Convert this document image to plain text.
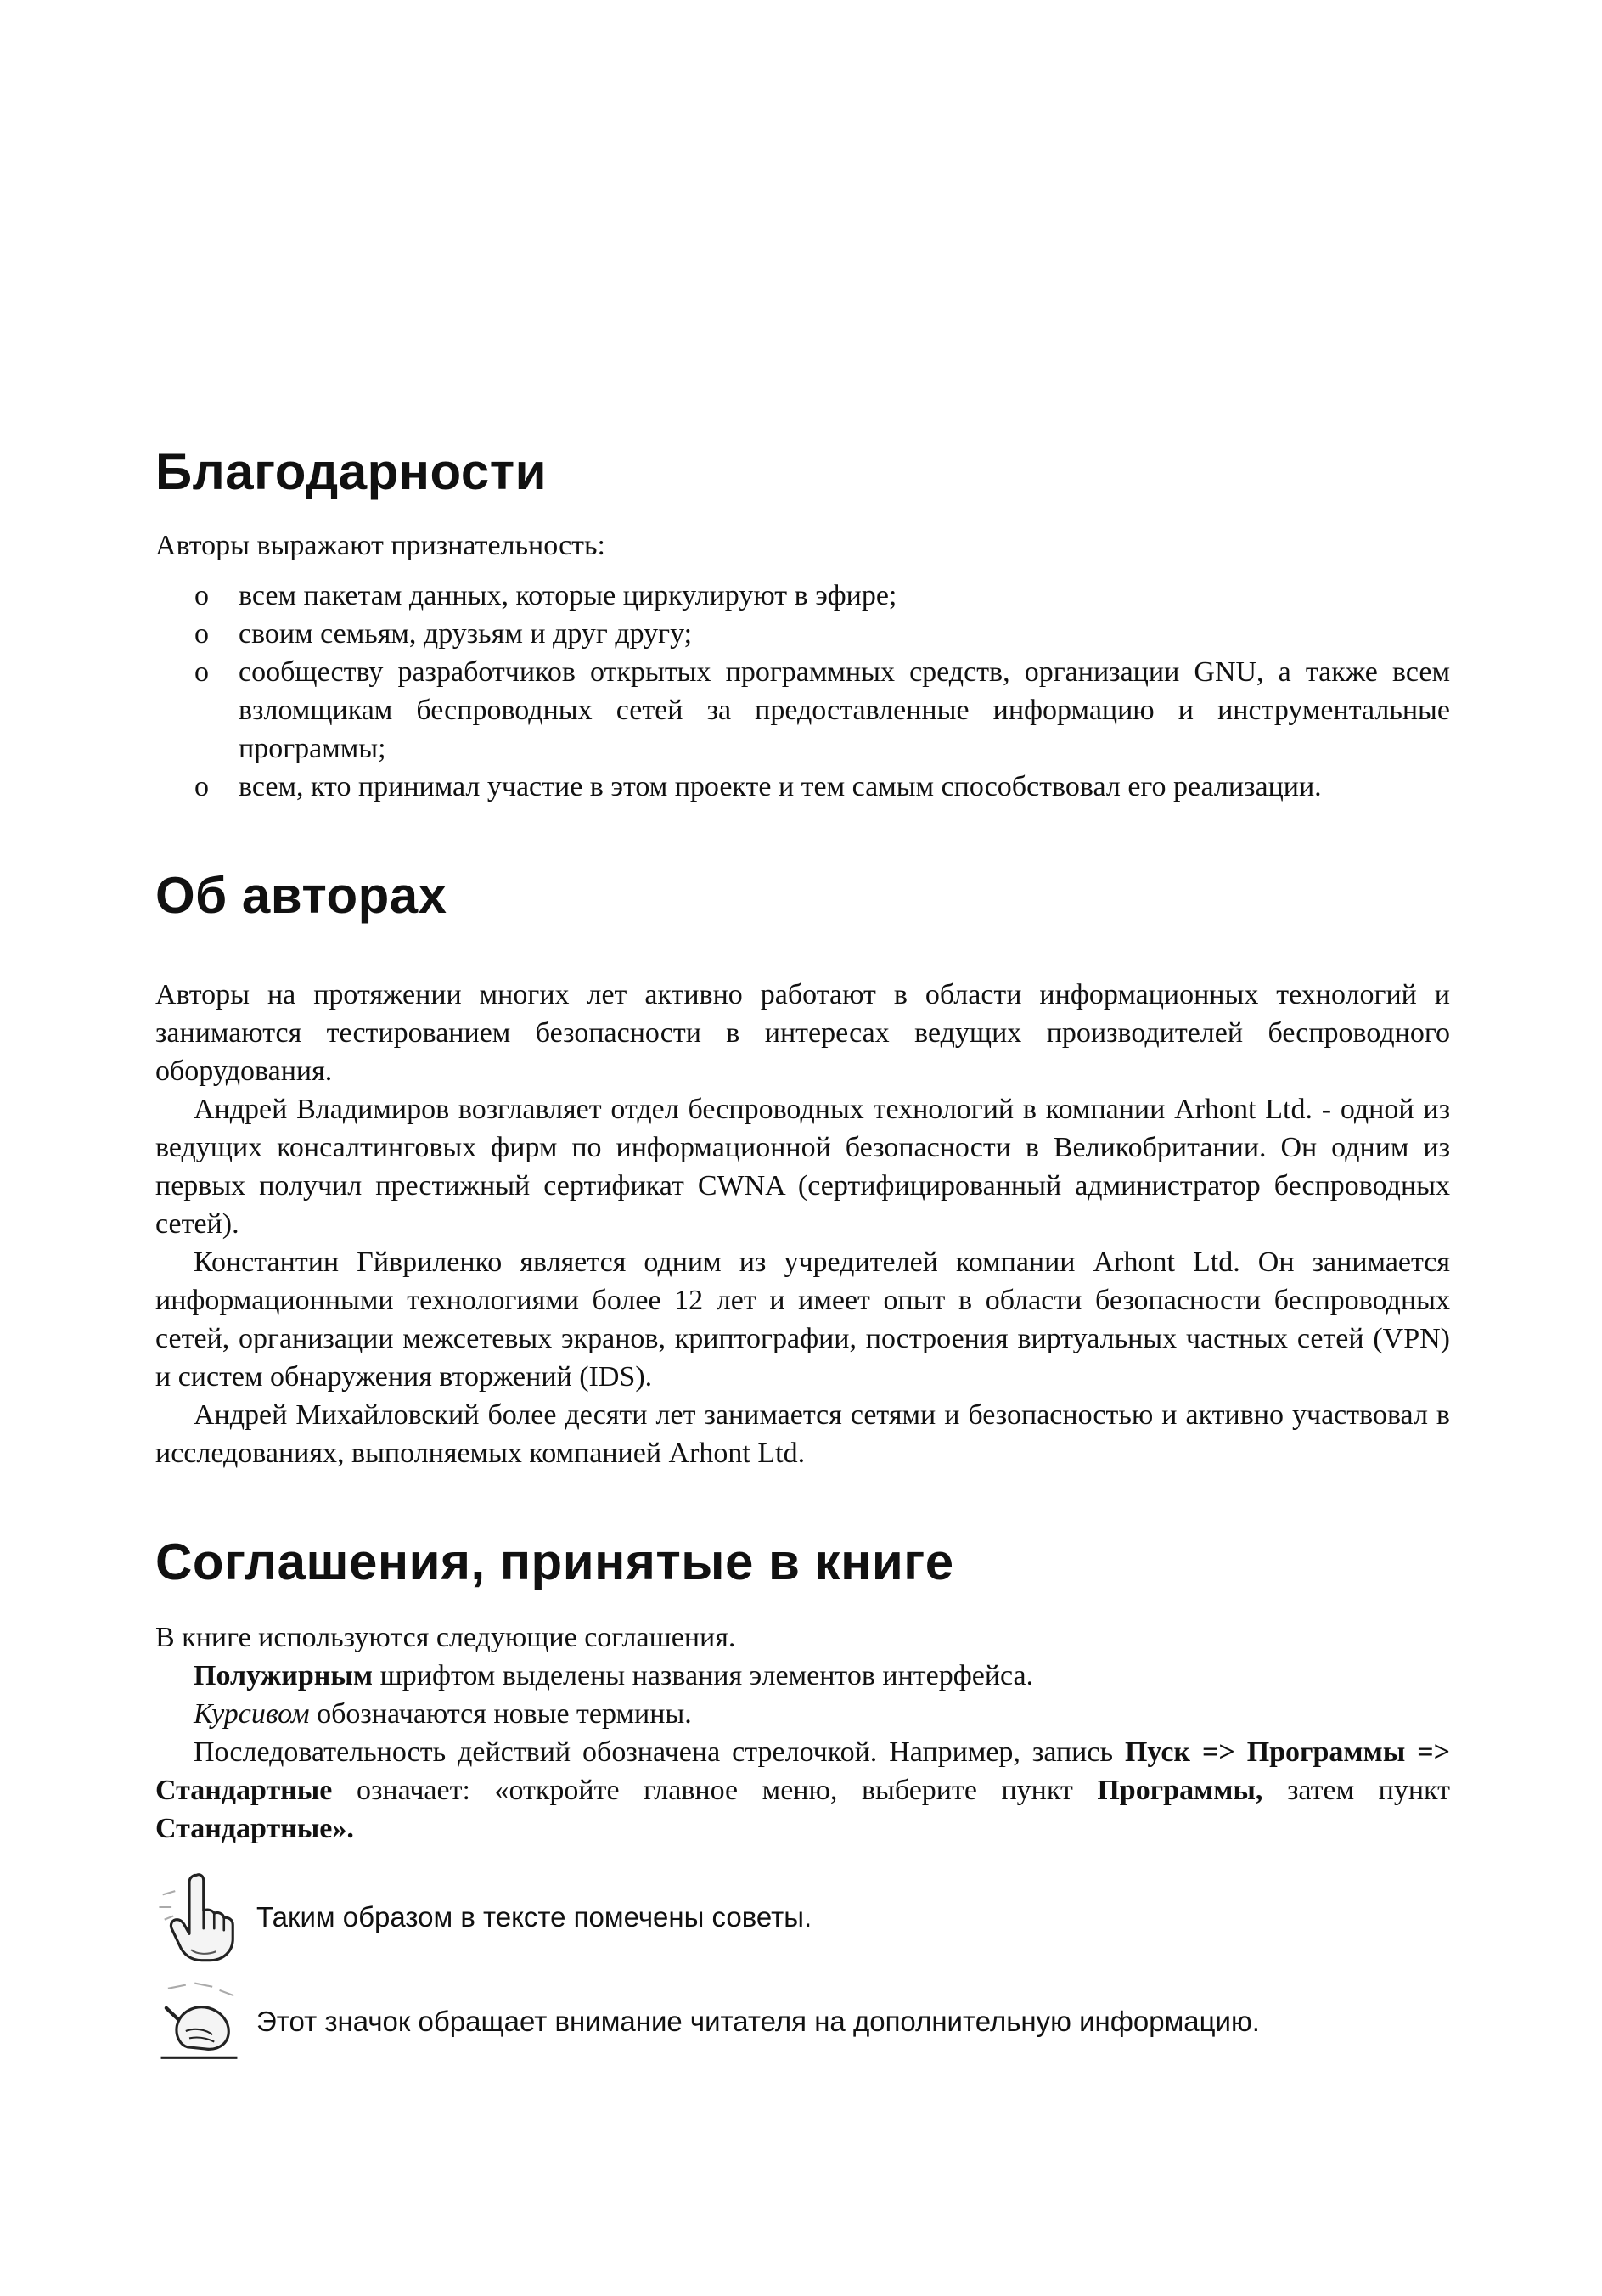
Благодарности

Авторы выражают признательность:

о всем пакетам данных, которые циркулируют в эфире;
о своим семьям, друзьям и друг другу;
о сообществу разработчиков открытых программных средств, организации GNU, а также всем взломщикам беспроводных сетей за предоставленные информацию и инструментальные программы;
о всем, кто принимал участие в этом проекте и тем самым способствовал его реализации.
Об авторах

Авторы на протяжении многих лет активно работают в области информационных технологий и занимаются тестированием безопасности в интересах ведущих производителей беспроводного оборудования.

Андрей Владимиров возглавляет отдел беспроводных технологий в компании Arhont Ltd. - одной из ведущих консалтинговых фирм по информационной безопасности в Великобритании. Он одним из первых получил престижный сертификат CWNA (сертифицированный администратор беспроводных сетей).

Константин Гйвриленко является одним из учредителей компании Arhont Ltd. Он занимается информационными технологиями более 12 лет и имеет опыт в области безопасности беспроводных сетей, организации межсетевых экранов, криптографии, построения виртуальных частных сетей (VPN) и систем обнаружения вторжений (IDS).

Андрей Михайловский более десяти лет занимается сетями и безопасностью и активно участвовал в исследованиях, выполняемых компанией Arhont Ltd.

Соглашения, принятые в книге

В книге используются следующие соглашения.

Полужирным шрифтом выделены названия элементов интерфейса.

Курсивом обозначаются новые термины.

Последовательность действий обозначена стрелочкой. Например, запись Пуск => Программы => Стандартные означает: «откройте главное меню, выберите пункт Программы, затем пункт Стандартные».

Таким образом в тексте помечены советы.
Этот значок обращает внимание читателя на дополнительную информацию.
